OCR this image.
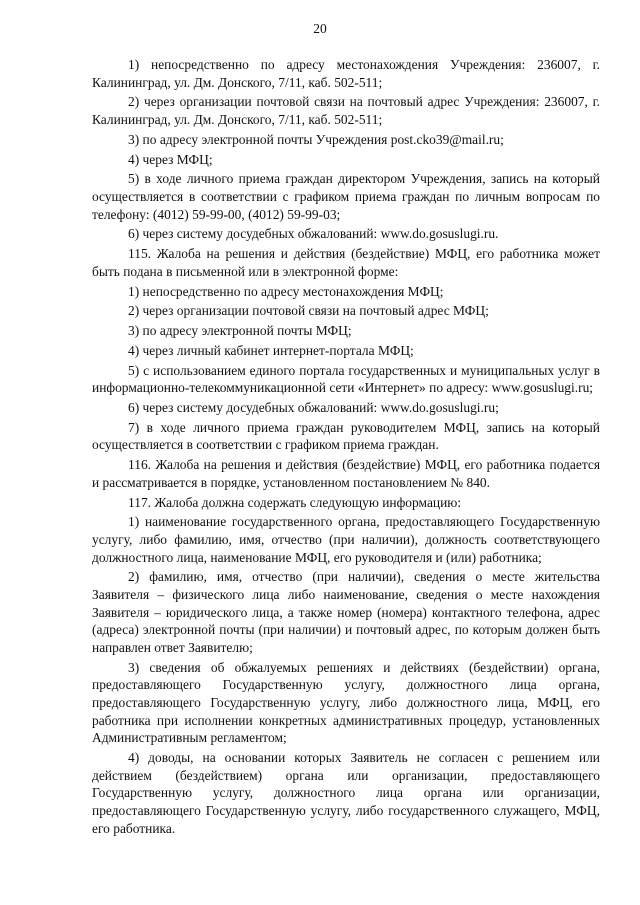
20

1) непосредственно по адресу местонахождения Учреждения: 236007, г. Калининград, ул. Дм. Донского, 7/11, каб. 502-511;

2) через организации почтовой связи на почтовый адрес Учреждения: 236007, г. Калининград, ул. Дм. Донского, 7/11, каб. 502-511;

3) по адресу электронной почты Учреждения post.cko39@mail.ru;

4) через МФЦ;

5) в ходе личного приема граждан директором Учреждения, запись на который осуществляется в соответствии с графиком приема граждан по личным вопросам по телефону: (4012) 59-99-00, (4012) 59-99-03;

6) через систему досудебных обжалований: www.do.gosuslugi.ru.

115. Жалоба на решения и действия (бездействие) МФЦ, его работника может быть подана в письменной или в электронной форме:

1) непосредственно по адресу местонахождения МФЦ;

2) через организации почтовой связи на почтовый адрес МФЦ;

3) по адресу электронной почты МФЦ;

4) через личный кабинет интернет-портала МФЦ;

5) с использованием единого портала государственных и муниципальных услуг в информационно-телекоммуникационной сети «Интернет» по адресу: www.gosuslugi.ru;

6) через систему досудебных обжалований: www.do.gosuslugi.ru;

7) в ходе личного приема граждан руководителем МФЦ, запись на который осуществляется в соответствии с графиком приема граждан.

116. Жалоба на решения и действия (бездействие) МФЦ, его работника подается и рассматривается в порядке, установленном постановлением № 840.

117. Жалоба должна содержать следующую информацию:

1) наименование государственного органа, предоставляющего Государственную услугу, либо фамилию, имя, отчество (при наличии), должность соответствующего должностного лица, наименование МФЦ, его руководителя и (или) работника;

2) фамилию, имя, отчество (при наличии), сведения о месте жительства Заявителя – физического лица либо наименование, сведения о месте нахождения Заявителя – юридического лица, а также номер (номера) контактного телефона, адрес (адреса) электронной почты (при наличии) и почтовый адрес, по которым должен быть направлен ответ Заявителю;

3) сведения об обжалуемых решениях и действиях (бездействии) органа, предоставляющего Государственную услугу, должностного лица органа, предоставляющего Государственную услугу, либо должностного лица, МФЦ, его работника при исполнении конкретных административных процедур, установленных Административным регламентом;

4) доводы, на основании которых Заявитель не согласен с решением или действием (бездействием) органа или организации, предоставляющего Государственную услугу, должностного лица органа или организации, предоставляющего Государственную услугу, либо государственного служащего, МФЦ, его работника.
